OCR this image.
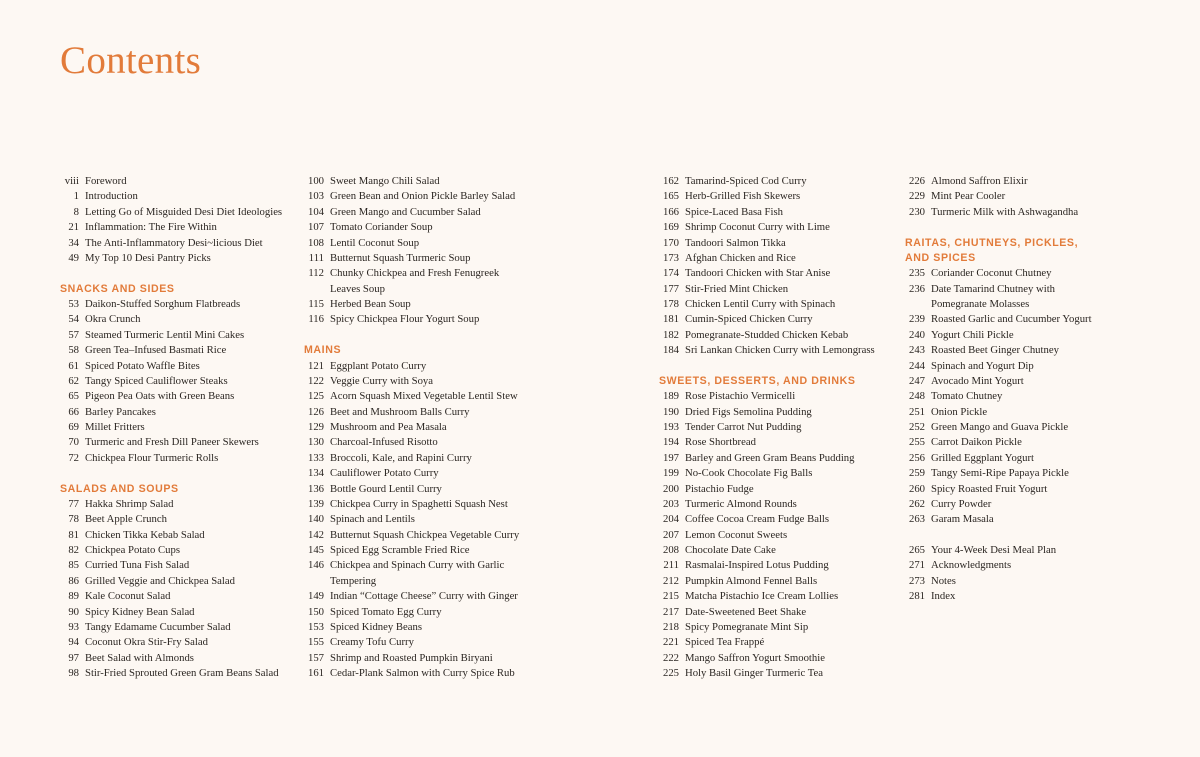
Contents
viii Foreword
1 Introduction
8 Letting Go of Misguided Desi Diet Ideologies
21 Inflammation: The Fire Within
34 The Anti-Inflammatory Desi~licious Diet
49 My Top 10 Desi Pantry Picks
SNACKS AND SIDES
53 Daikon-Stuffed Sorghum Flatbreads
54 Okra Crunch
57 Steamed Turmeric Lentil Mini Cakes
58 Green Tea–Infused Basmati Rice
61 Spiced Potato Waffle Bites
62 Tangy Spiced Cauliflower Steaks
65 Pigeon Pea Oats with Green Beans
66 Barley Pancakes
69 Millet Fritters
70 Turmeric and Fresh Dill Paneer Skewers
72 Chickpea Flour Turmeric Rolls
SALADS AND SOUPS
77 Hakka Shrimp Salad
78 Beet Apple Crunch
81 Chicken Tikka Kebab Salad
82 Chickpea Potato Cups
85 Curried Tuna Fish Salad
86 Grilled Veggie and Chickpea Salad
89 Kale Coconut Salad
90 Spicy Kidney Bean Salad
93 Tangy Edamame Cucumber Salad
94 Coconut Okra Stir-Fry Salad
97 Beet Salad with Almonds
98 Stir-Fried Sprouted Green Gram Beans Salad
100 Sweet Mango Chili Salad
103 Green Bean and Onion Pickle Barley Salad
104 Green Mango and Cucumber Salad
107 Tomato Coriander Soup
108 Lentil Coconut Soup
111 Butternut Squash Turmeric Soup
112 Chunky Chickpea and Fresh Fenugreek
Leaves Soup
115 Herbed Bean Soup
116 Spicy Chickpea Flour Yogurt Soup
MAINS
121 Eggplant Potato Curry
122 Veggie Curry with Soya
125 Acorn Squash Mixed Vegetable Lentil Stew
126 Beet and Mushroom Balls Curry
129 Mushroom and Pea Masala
130 Charcoal-Infused Risotto
133 Broccoli, Kale, and Rapini Curry
134 Cauliflower Potato Curry
136 Bottle Gourd Lentil Curry
139 Chickpea Curry in Spaghetti Squash Nest
140 Spinach and Lentils
142 Butternut Squash Chickpea Vegetable Curry
145 Spiced Egg Scramble Fried Rice
146 Chickpea and Spinach Curry with Garlic
Tempering
149 Indian “Cottage Cheese” Curry with Ginger
150 Spiced Tomato Egg Curry
153 Spiced Kidney Beans
155 Creamy Tofu Curry
157 Shrimp and Roasted Pumpkin Biryani
161 Cedar-Plank Salmon with Curry Spice Rub
162 Tamarind-Spiced Cod Curry
165 Herb-Grilled Fish Skewers
166 Spice-Laced Basa Fish
169 Shrimp Coconut Curry with Lime
170 Tandoori Salmon Tikka
173 Afghan Chicken and Rice
174 Tandoori Chicken with Star Anise
177 Stir-Fried Mint Chicken
178 Chicken Lentil Curry with Spinach
181 Cumin-Spiced Chicken Curry
182 Pomegranate-Studded Chicken Kebab
184 Sri Lankan Chicken Curry with Lemongrass
SWEETS, DESSERTS, AND DRINKS
189 Rose Pistachio Vermicelli
190 Dried Figs Semolina Pudding
193 Tender Carrot Nut Pudding
194 Rose Shortbread
197 Barley and Green Gram Beans Pudding
199 No-Cook Chocolate Fig Balls
200 Pistachio Fudge
203 Turmeric Almond Rounds
204 Coffee Cocoa Cream Fudge Balls
207 Lemon Coconut Sweets
208 Chocolate Date Cake
211 Rasmalai-Inspired Lotus Pudding
212 Pumpkin Almond Fennel Balls
215 Matcha Pistachio Ice Cream Lollies
217 Date-Sweetened Beet Shake
218 Spicy Pomegranate Mint Sip
221 Spiced Tea Frappé
222 Mango Saffron Yogurt Smoothie
225 Holy Basil Ginger Turmeric Tea
226 Almond Saffron Elixir
229 Mint Pear Cooler
230 Turmeric Milk with Ashwagandha
RAITAS, CHUTNEYS, PICKLES,
AND SPICES
235 Coriander Coconut Chutney
236 Date Tamarind Chutney with
Pomegranate Molasses
239 Roasted Garlic and Cucumber Yogurt
240 Yogurt Chili Pickle
243 Roasted Beet Ginger Chutney
244 Spinach and Yogurt Dip
247 Avocado Mint Yogurt
248 Tomato Chutney
251 Onion Pickle
252 Green Mango and Guava Pickle
255 Carrot Daikon Pickle
256 Grilled Eggplant Yogurt
259 Tangy Semi-Ripe Papaya Pickle
260 Spicy Roasted Fruit Yogurt
262 Curry Powder
263 Garam Masala
265 Your 4-Week Desi Meal Plan
271 Acknowledgments
273 Notes
281 Index
